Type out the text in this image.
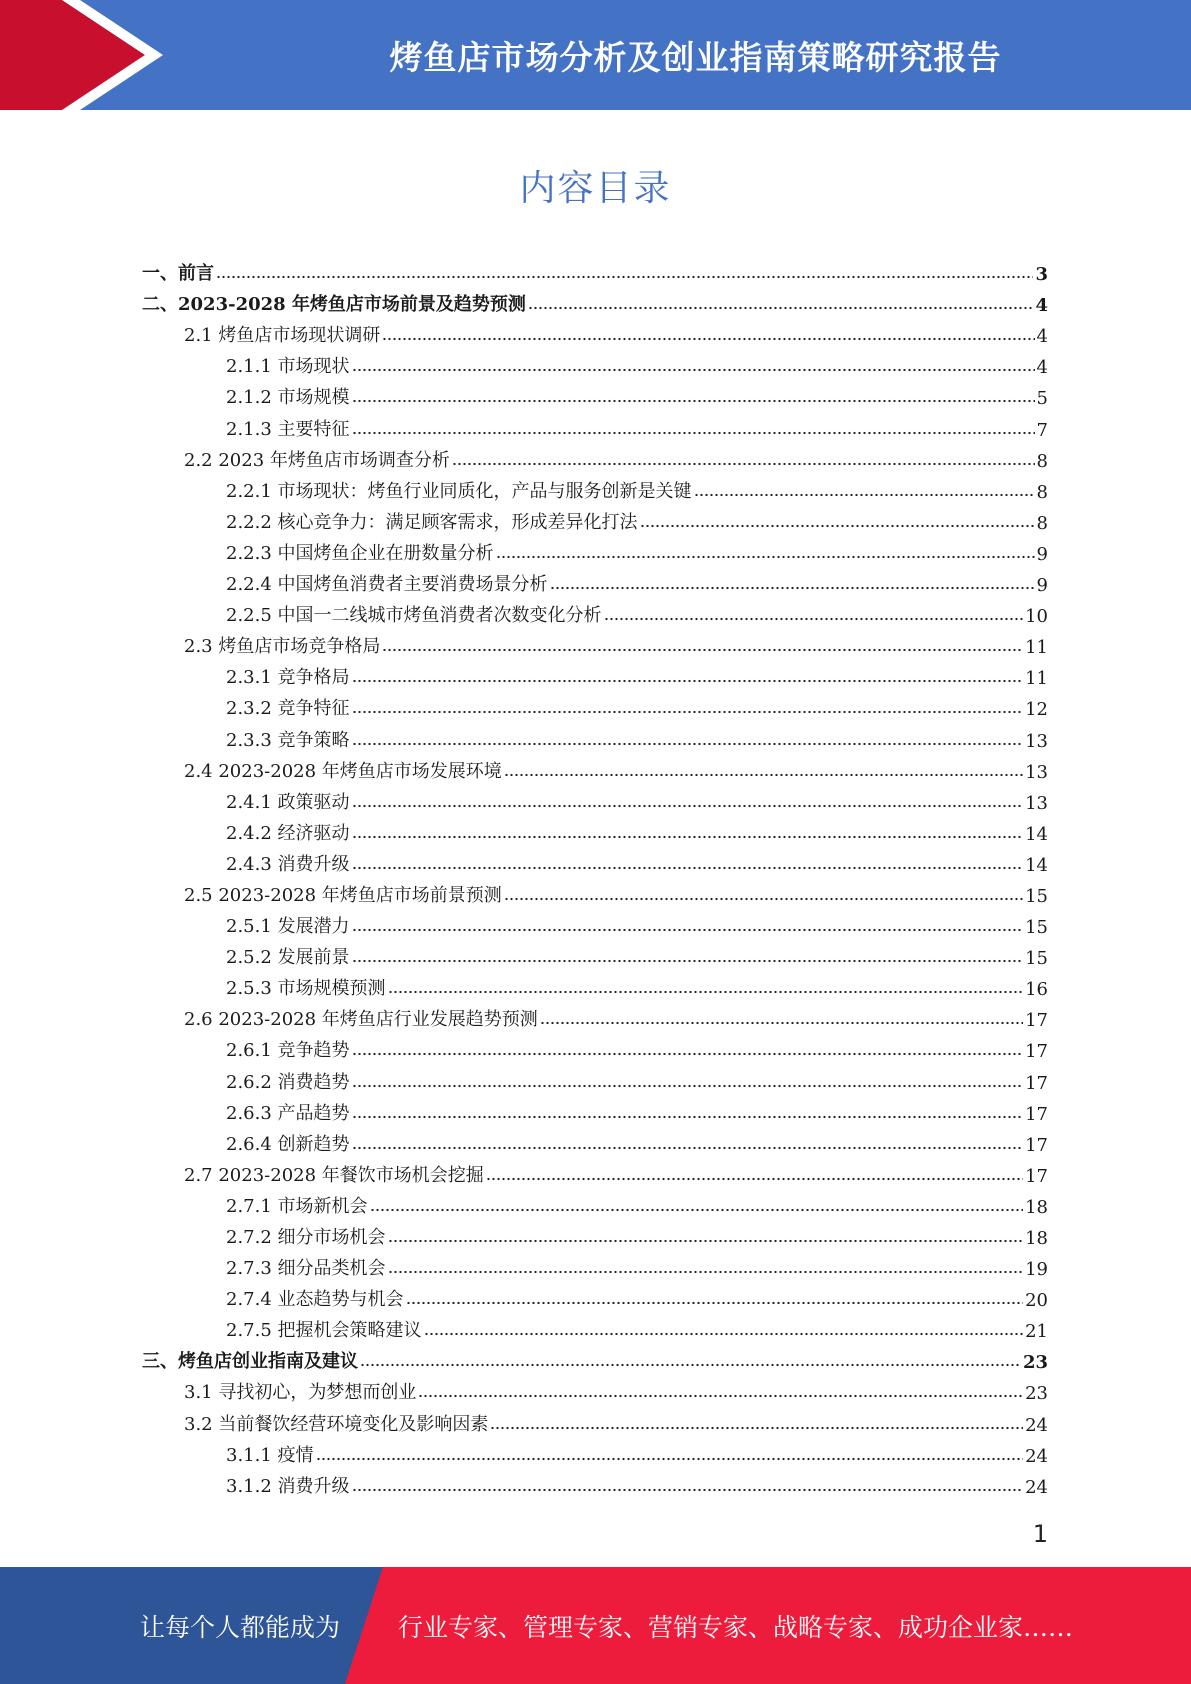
烤鱼店市场分析及创业指南策略研究报告
内容目录
一、前言	3
二、2023-2028 年烤鱼店市场前景及趋势预测	4
2.1 烤鱼店市场现状调研	4
2.1.1 市场现状	4
2.1.2 市场规模	5
2.1.3 主要特征	7
2.2 2023 年烤鱼店市场调查分析	8
2.2.1 市场现状：烤鱼行业同质化，产品与服务创新是关键	8
2.2.2 核心竞争力：满足顾客需求，形成差异化打法	8
2.2.3 中国烤鱼企业在册数量分析	9
2.2.4 中国烤鱼消费者主要消费场景分析	9
2.2.5 中国一二线城市烤鱼消费者次数变化分析	10
2.3 烤鱼店市场竞争格局	11
2.3.1 竞争格局	11
2.3.2 竞争特征	12
2.3.3 竞争策略	13
2.4 2023-2028 年烤鱼店市场发展环境	13
2.4.1 政策驱动	13
2.4.2 经济驱动	14
2.4.3 消费升级	14
2.5 2023-2028 年烤鱼店市场前景预测	15
2.5.1 发展潜力	15
2.5.2 发展前景	15
2.5.3 市场规模预测	16
2.6 2023-2028 年烤鱼店行业发展趋势预测	17
2.6.1 竞争趋势	17
2.6.2 消费趋势	17
2.6.3 产品趋势	17
2.6.4 创新趋势	17
2.7 2023-2028 年餐饮市场机会挖掘	17
2.7.1 市场新机会	18
2.7.2 细分市场机会	18
2.7.3 细分品类机会	19
2.7.4 业态趋势与机会	20
2.7.5 把握机会策略建议	21
三、烤鱼店创业指南及建议	23
3.1 寻找初心，为梦想而创业	23
3.2 当前餐饮经营环境变化及影响因素	24
3.1.1 疫情	24
3.1.2 消费升级	24
1
让每个人都能成为 行业专家、管理专家、营销专家、战略专家、成功企业家……
